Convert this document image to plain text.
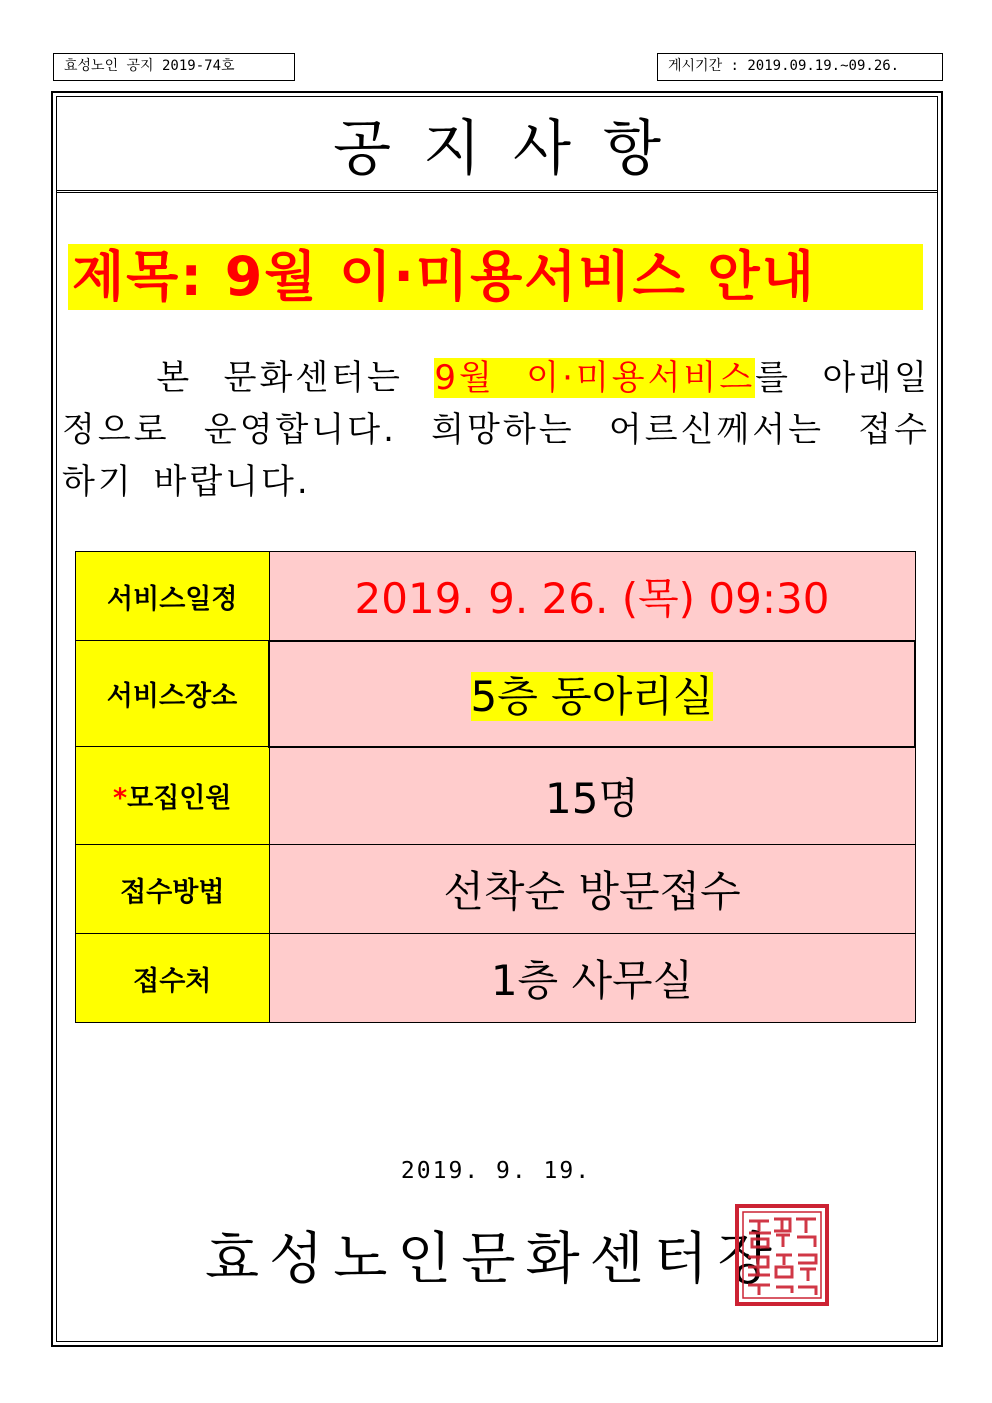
효성노인 공지 2019-74호	게시기간 : 2019.09.19.~09.26.
공지사항
제목: 9월 이·미용서비스 안내

본 문화센터는 9월 이·미용서비스를 아래일

정으로 운영합니다. 희망하는 어르신께서는 접수

하기 바랍니다.

서비스일정	2019. 9. 26. (목) 09:30
서비스장소	5층 동아리실
*모집인원	15명
접수방법	선착순 방문접수
접수처	1층 사무실
2019. 9. 19.
효성노인문화센터장
